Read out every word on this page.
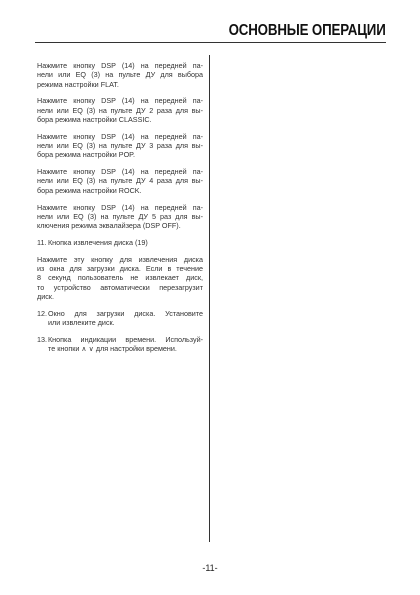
ОСНОВНЫЕ ОПЕРАЦИИ

Нажмите кнопку DSP (14) на передней па-
нели или EQ (3) на пульте ДУ для выбора
режима настройки FLAT.

Нажмите кнопку DSP (14) на передней па-
нели или EQ (3) на пульте ДУ 2 раза для вы-
бора режима настройки CLASSIC.

Нажмите кнопку DSP (14) на передней па-
нели или EQ (3) на пульте ДУ 3 раза для вы-
бора режима настройки POP.

Нажмите кнопку DSP (14) на передней па-
нели или EQ (3) на пульте ДУ 4 раза для вы-
бора режима настройки ROCK.

Нажмите кнопку DSP (14) на передней па-
нели или EQ (3) на пульте ДУ 5 раз для вы-
ключения режима эквалайзера (DSP OFF).

11. Кнопка извлечения диска (19)

Нажмите эту кнопку для извлечения диска
из окна для загрузки диска. Если в течение
8 секунд пользователь не извлекает диск,
то устройство автоматически перезагрузит
диск.

12. Окно для загрузки диска. Установите
или извлеките диск.
13. Кнопка индикации времени. Используй-
те кнопки ∧ ∨ для настройки времени.
-11-
